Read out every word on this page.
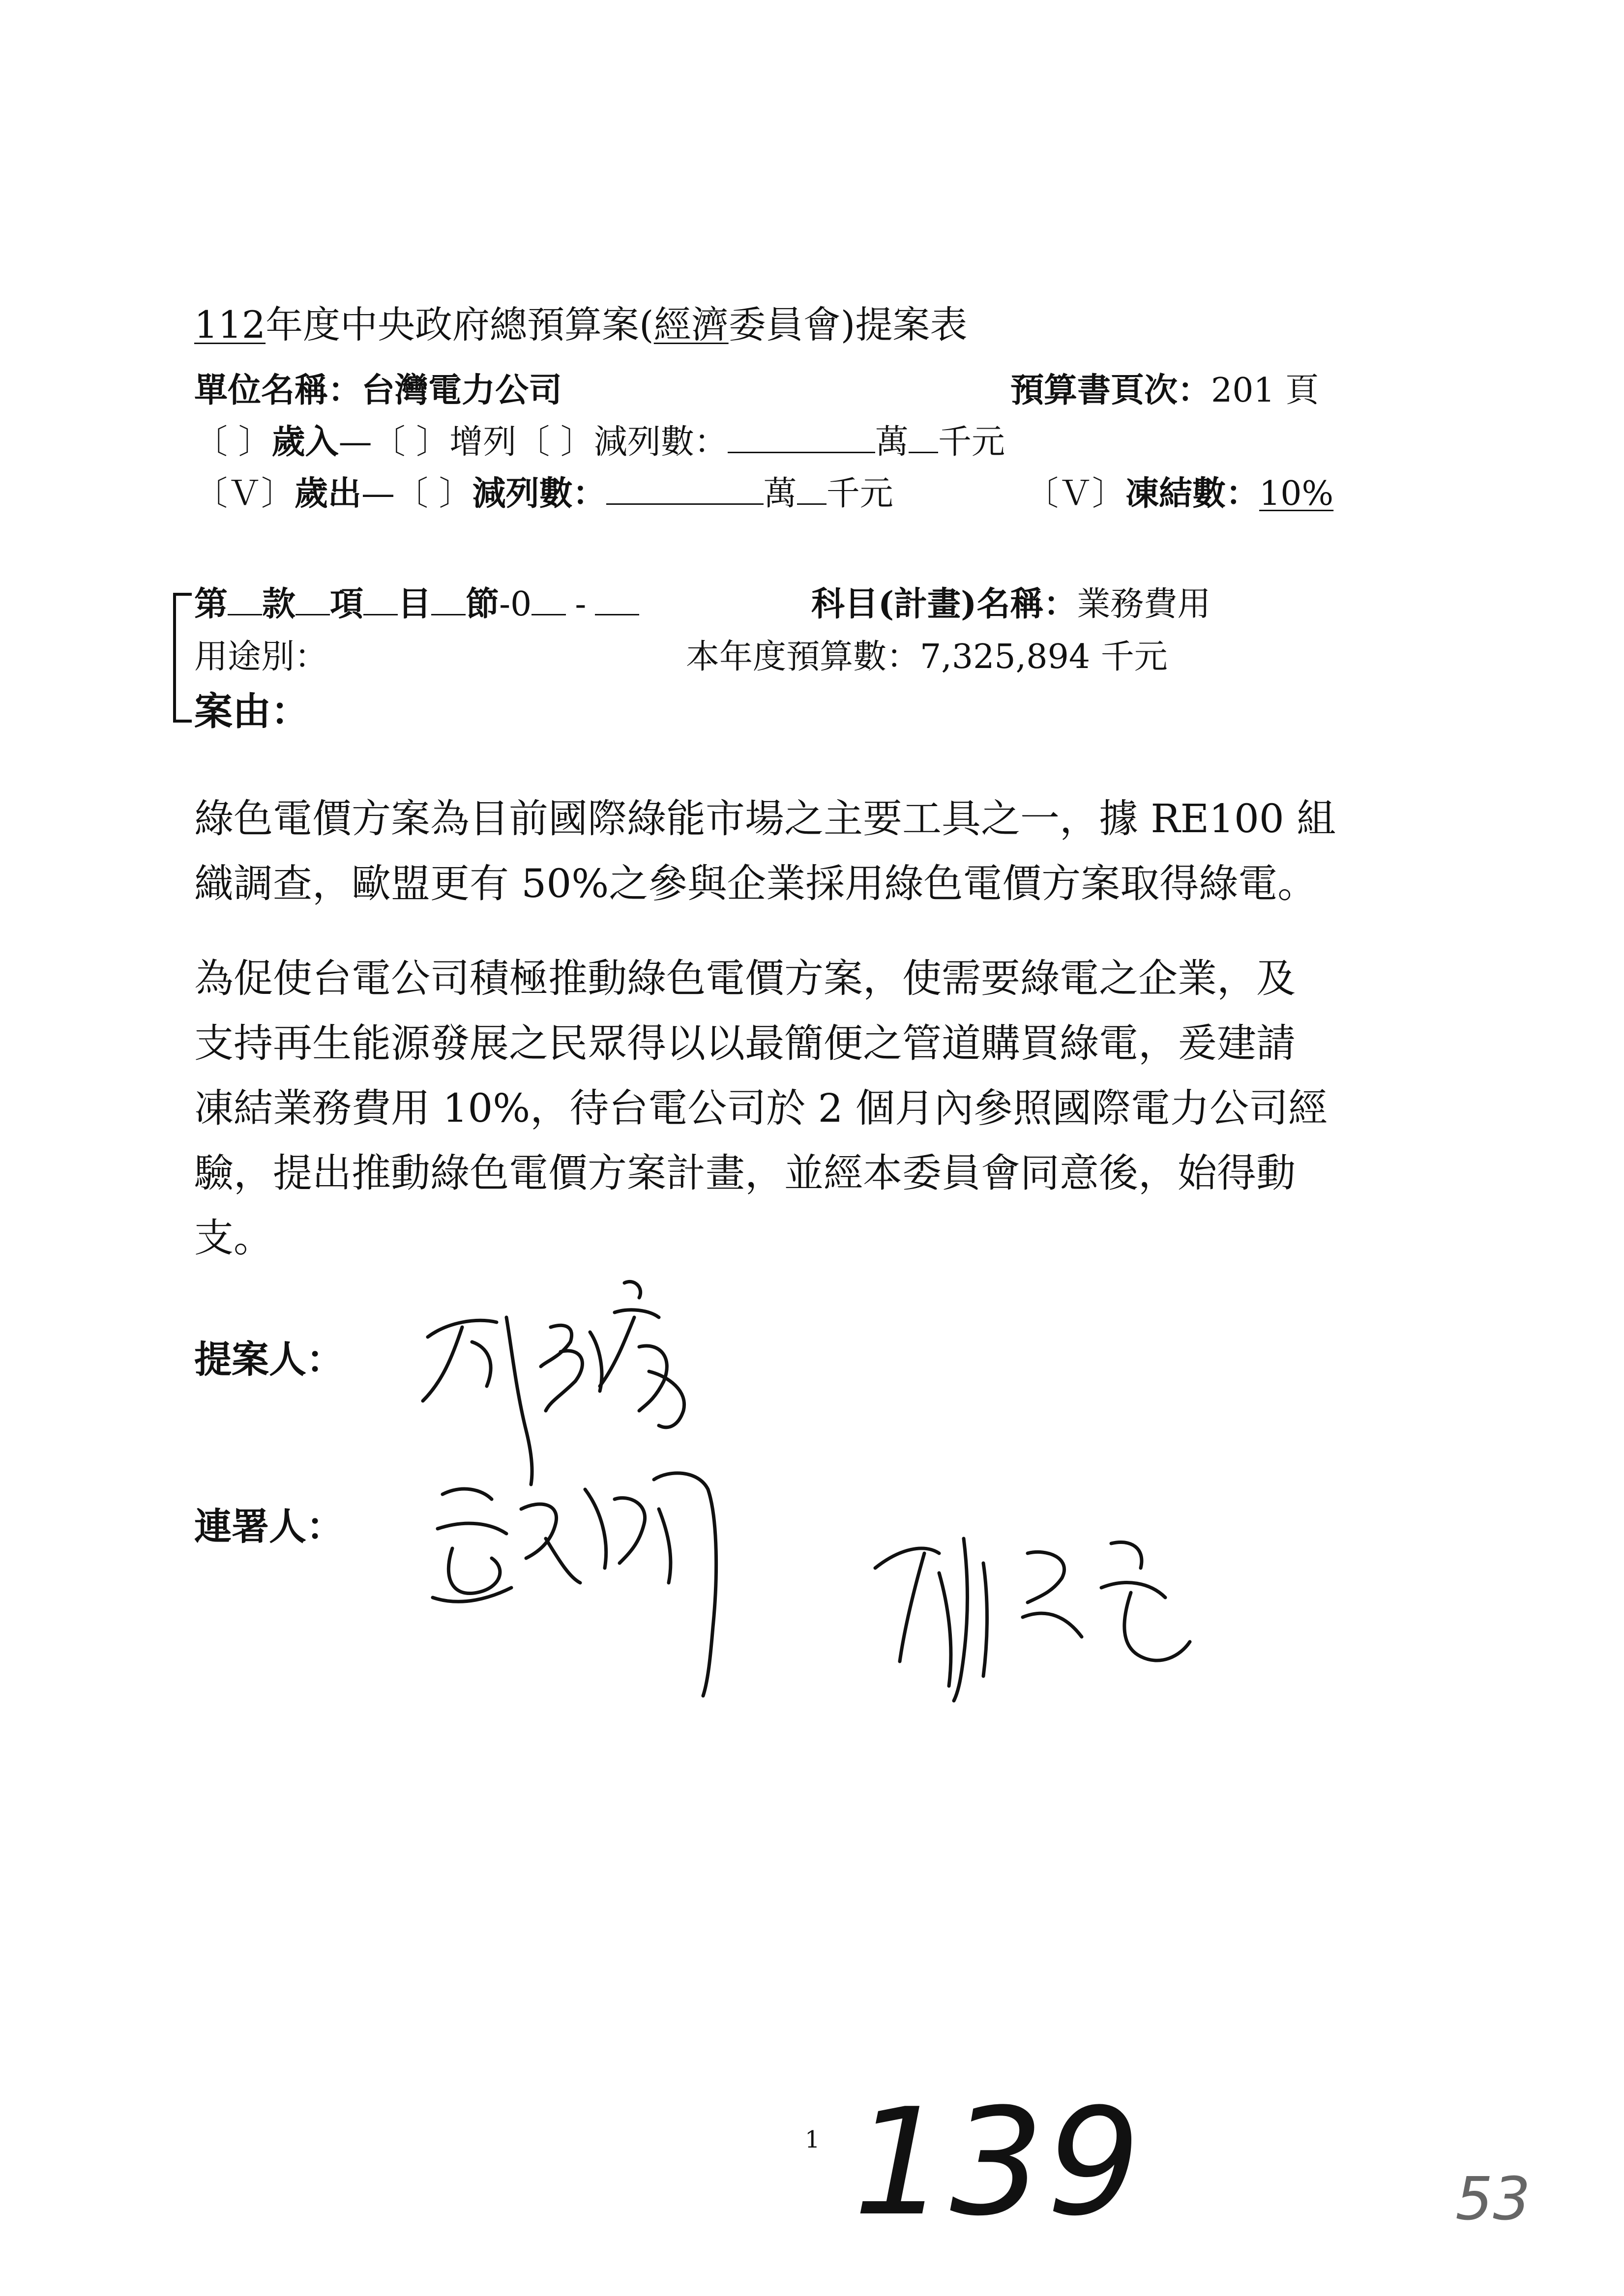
112年度中央政府總預算案(經濟委員會)提案表
單位名稱：台灣電力公司	預算書頁次：201 頁
〔 〕歲入—〔 〕增列〔 〕減列數：	萬 千元
〔Ｖ〕歲出—〔 〕減列數：	萬 千元	〔Ｖ〕凍結數：10%
第 款 項 目 節-0 -	科目(計畫)名稱：業務費用
用途別：	本年度預算數：7,325,894 千元
案由：
綠色電價方案為目前國際綠能市場之主要工具之一，據 RE100 組
織調查，歐盟更有 50%之參與企業採用綠色電價方案取得綠電。
為促使台電公司積極推動綠色電價方案，使需要綠電之企業，及
支持再生能源發展之民眾得以以最簡便之管道購買綠電，爰建請
凍結業務費用 10%，待台電公司於 2 個月內參照國際電力公司經
驗，提出推動綠色電價方案計畫，並經本委員會同意後，始得動
支。
提案人：
連署人：
1 139	53
